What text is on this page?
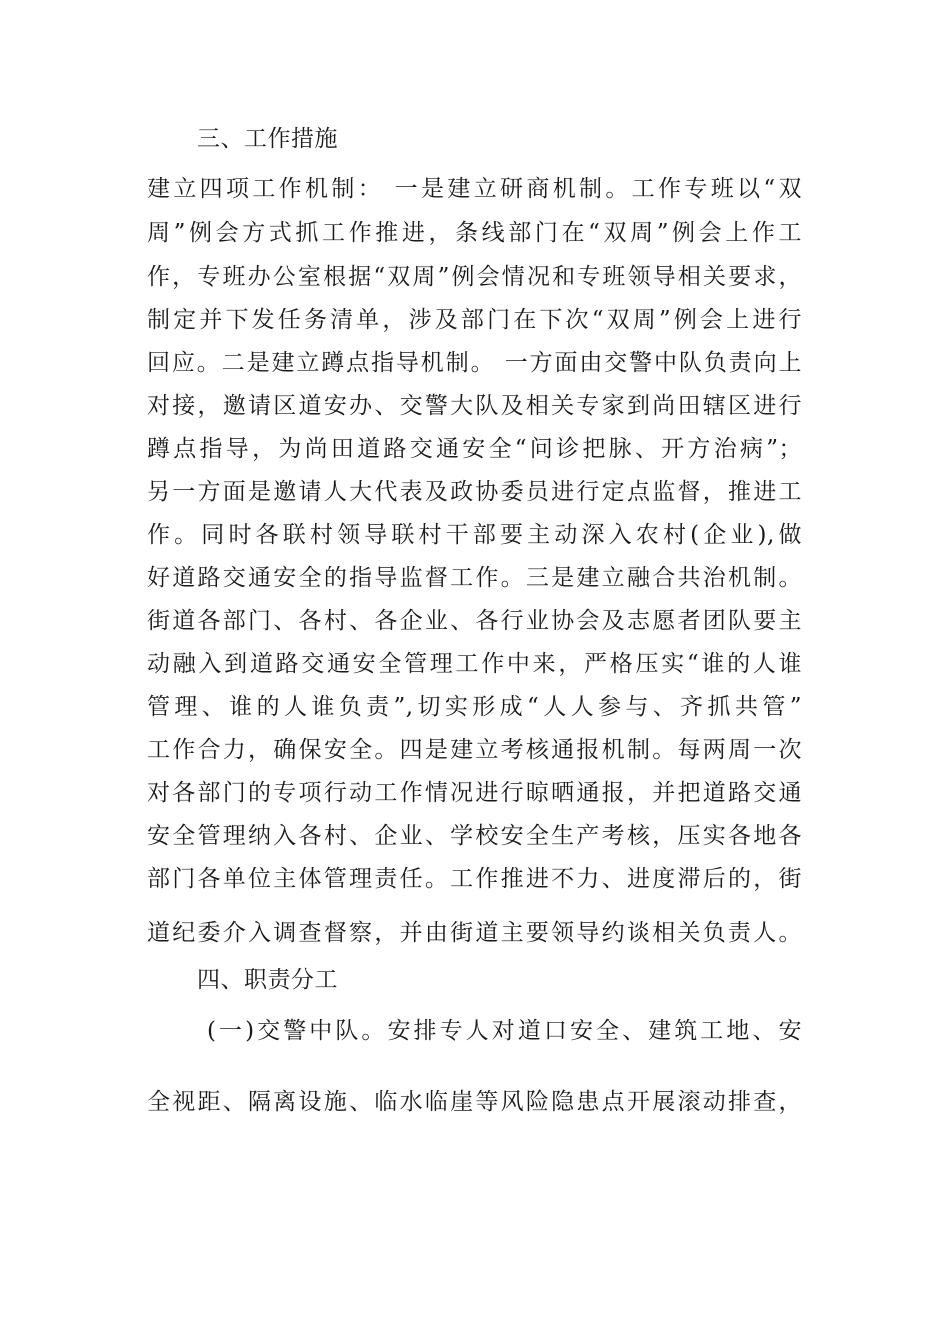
三、工作措施
建立四项工作机制： 一是建立研商机制。工作专班以“双
周”例会方式抓工作推进，条线部门在“双周”例会上作工
作，专班办公室根据“双周”例会情况和专班领导相关要求，
制定并下发任务清单，涉及部门在下次“双周”例会上进行
回应。二是建立蹲点指导机制。 一方面由交警中队负责向上
对接，邀请区道安办、交警大队及相关专家到尚田辖区进行
蹲点指导，为尚田道路交通安全“问诊把脉、开方治病”；
另一方面是邀请人大代表及政协委员进行定点监督，推进工
作。同时各联村领导联村干部要主动深入农村(企业),做
好道路交通安全的指导监督工作。三是建立融合共治机制。
街道各部门、各村、各企业、各行业协会及志愿者团队要主
动融入到道路交通安全管理工作中来，严格压实“谁的人谁
管理、谁的人谁负责”,切实形成“人人参与、齐抓共管”
工作合力，确保安全。四是建立考核通报机制。每两周一次
对各部门的专项行动工作情况进行晾晒通报，并把道路交通
安全管理纳入各村、企业、学校安全生产考核，压实各地各
部门各单位主体管理责任。工作推进不力、进度滞后的，街
道纪委介入调查督察，并由街道主要领导约谈相关负责人。
四、职责分工
(一)交警中队。安排专人对道口安全、建筑工地、安
全视距、隔离设施、临水临崖等风险隐患点开展滚动排查，
